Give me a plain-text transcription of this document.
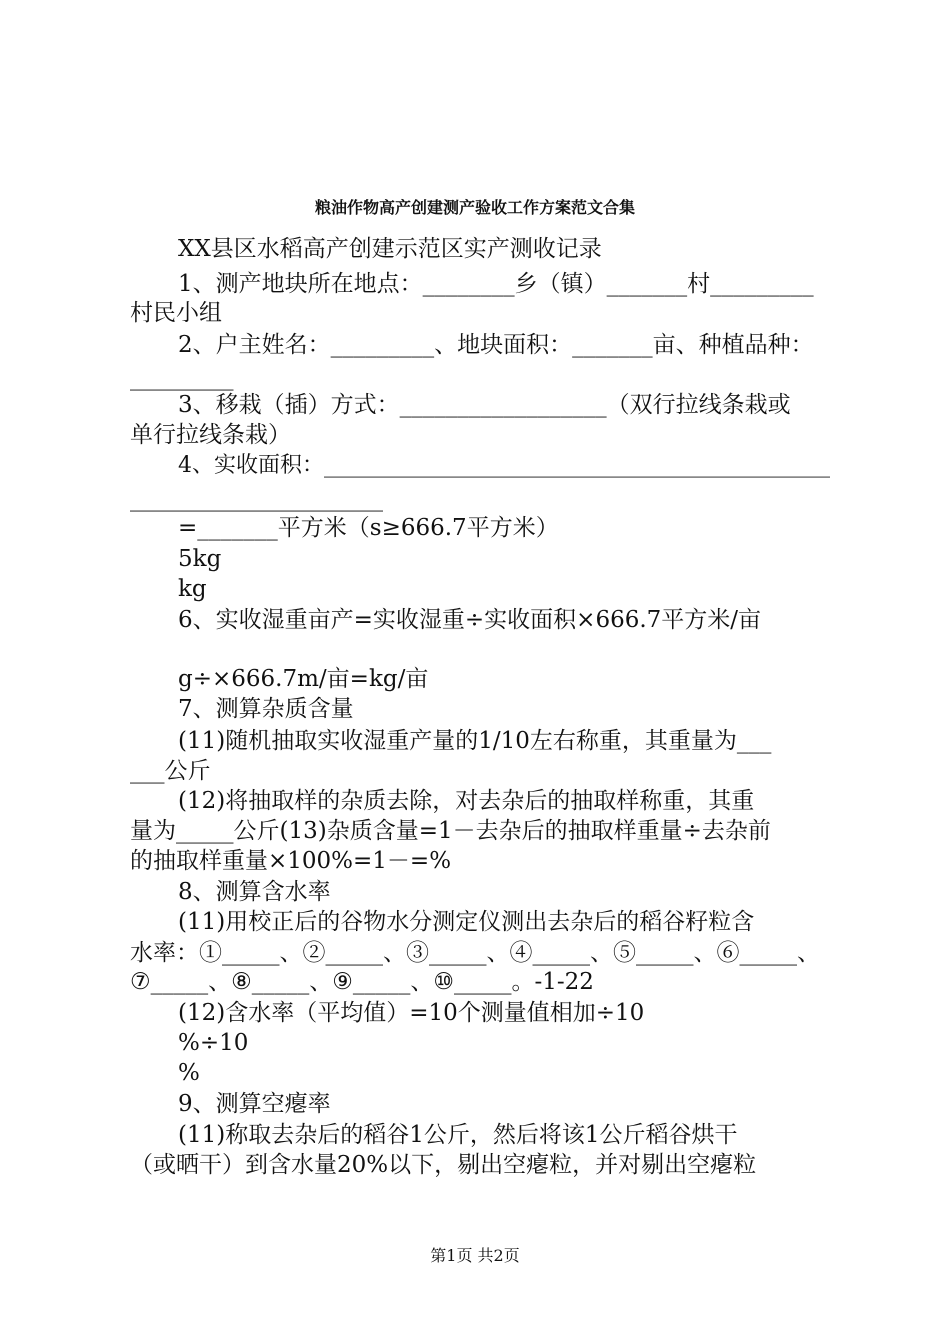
粮油作物高产创建测产验收工作方案范文合集
XX县区水稻高产创建示范区实产测收记录
1、测产地块所在地点：________乡（镇）_______村_________
村民小组
2、户主姓名：_________、地块面积：_______亩、种植品种：
_________
3、移栽（插）方式：__________________（双行拉线条栽或
单行拉线条栽）
4、实收面积：______________________________________________
______________________
=_______平方米（s≥666.7平方米）
5kg
kg
6、实收湿重亩产=实收湿重÷实收面积×666.7平方米/亩
g÷×666.7m/亩=kg/亩
7、测算杂质含量
(11)随机抽取实收湿重产量的1/10左右称重，其重量为___
___公斤
(12)将抽取样的杂质去除，对去杂后的抽取样称重，其重
量为_____公斤(13)杂质含量=1－去杂后的抽取样重量÷去杂前
的抽取样重量×100%=1－=%
8、测算含水率
(11)用校正后的谷物水分测定仪测出去杂后的稻谷籽粒含
水率：①_____、②_____、③_____、④_____、⑤_____、⑥_____、
⑦_____、⑧_____、⑨_____、⑩_____。-1-22
(12)含水率（平均值）=10个测量值相加÷10
%÷10
%
9、测算空瘪率
(11)称取去杂后的稻谷1公斤，然后将该1公斤稻谷烘干
（或晒干）到含水量20%以下，剔出空瘪粒，并对剔出空瘪粒
第1页 共2页
